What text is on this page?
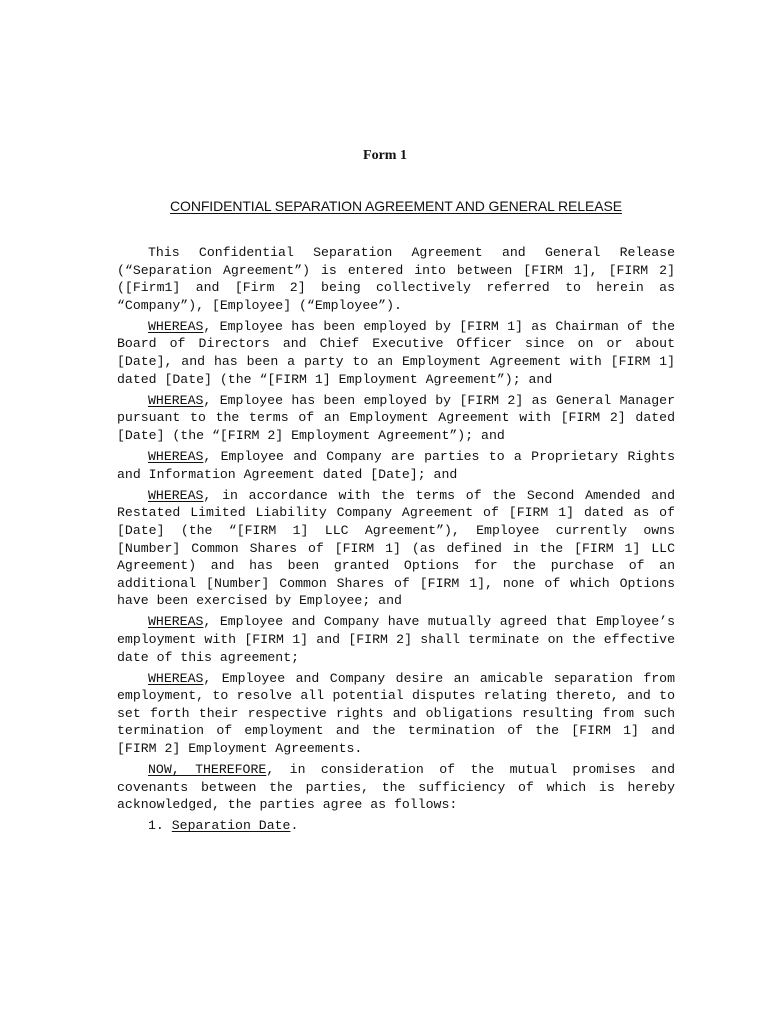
Form 1
CONFIDENTIAL SEPARATION AGREEMENT AND GENERAL RELEASE

This Confidential Separation Agreement and General Release (“Separation Agreement”) is entered into between [FIRM 1], [FIRM 2] ([Firm1] and [Firm 2] being collectively referred to herein as “Company”), [Employee] (“Employee”).

WHEREAS, Employee has been employed by [FIRM 1] as Chairman of the Board of Directors and Chief Executive Officer since on or about [Date], and has been a party to an Employment Agreement with [FIRM 1] dated [Date] (the “[FIRM 1] Employment Agreement”); and

WHEREAS, Employee has been employed by [FIRM 2] as General Manager pursuant to the terms of an Employment Agreement with [FIRM 2] dated [Date] (the “[FIRM 2] Employment Agreement”); and

WHEREAS, Employee and Company are parties to a Proprietary Rights and Information Agreement dated [Date]; and

WHEREAS, in accordance with the terms of the Second Amended and Restated Limited Liability Company Agreement of [FIRM 1] dated as of [Date] (the “[FIRM 1] LLC Agreement”), Employee currently owns [Number] Common Shares of [FIRM 1] (as defined in the [FIRM 1] LLC Agreement) and has been granted Options for the purchase of an additional [Number] Common Shares of [FIRM 1], none of which Options have been exercised by Employee; and

WHEREAS, Employee and Company have mutually agreed that Employee’s employment with [FIRM 1] and [FIRM 2] shall terminate on the effective date of this agreement;

WHEREAS, Employee and Company desire an amicable separation from employment, to resolve all potential disputes relating thereto, and to set forth their respective rights and obligations resulting from such termination of employment and the termination of the [FIRM 1] and [FIRM 2] Employment Agreements.

NOW, THEREFORE, in consideration of the mutual promises and covenants between the parties, the sufficiency of which is hereby acknowledged, the parties agree as follows:

1. Separation Date.
